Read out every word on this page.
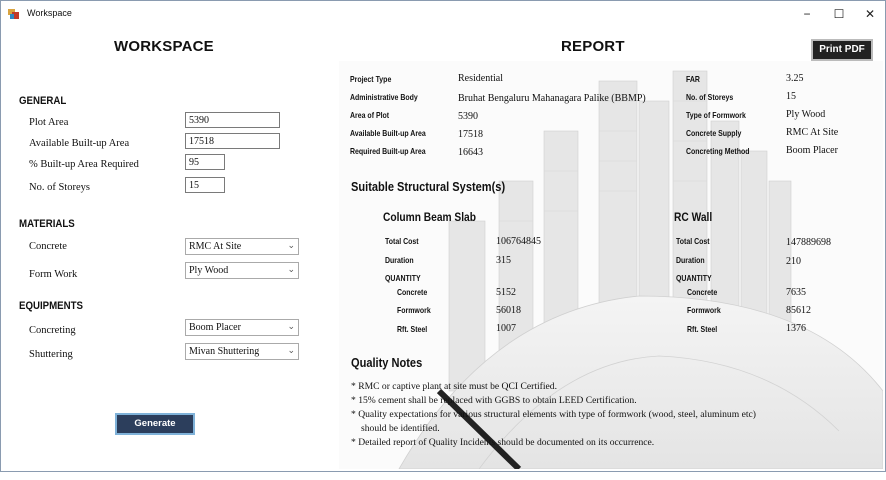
Workspace	−	☐	✕
WORKSPACE
GENERAL
Plot Area	5390
Available Built-up Area	17518
% Built-up Area Required	95
No. of Storeys	15
MATERIALS
Concrete	RMC At Site	⌄
Form Work	Ply Wood	⌄
EQUIPMENTS
Concreting	Boom Placer	⌄
Shuttering	Mivan Shuttering	⌄
Generate
REPORT	Print PDF
Project Type	Residential
Administrative Body	Bruhat Bengaluru Mahanagara Palike (BBMP)
Area of Plot	5390
Available Built-up Area	17518
Required Built-up Area	16643
FAR	3.25
No. of Storeys	15
Type of Formwork	Ply Wood
Concrete Supply	RMC At Site
Concreting Method	Boom Placer
Suitable Structural System(s)
Column Beam Slab
Total Cost	106764845
Duration	315
QUANTITY
Concrete	5152
Formwork	56018
Rft. Steel	1007
RC Wall
Total Cost	147889698
Duration	210
QUANTITY
Concrete	7635
Formwork	85612
Rft. Steel	1376
Quality Notes
* RMC or captive plant at site must be QCI Certified.
* 15% cement shall be replaced with GGBS to obtain LEED Certification.
* Quality expectations for various structural elements with type of formwork (wood, steel, aluminum etc)
should be identified.
* Detailed report of Quality Incidents should be documented on its occurrence.
